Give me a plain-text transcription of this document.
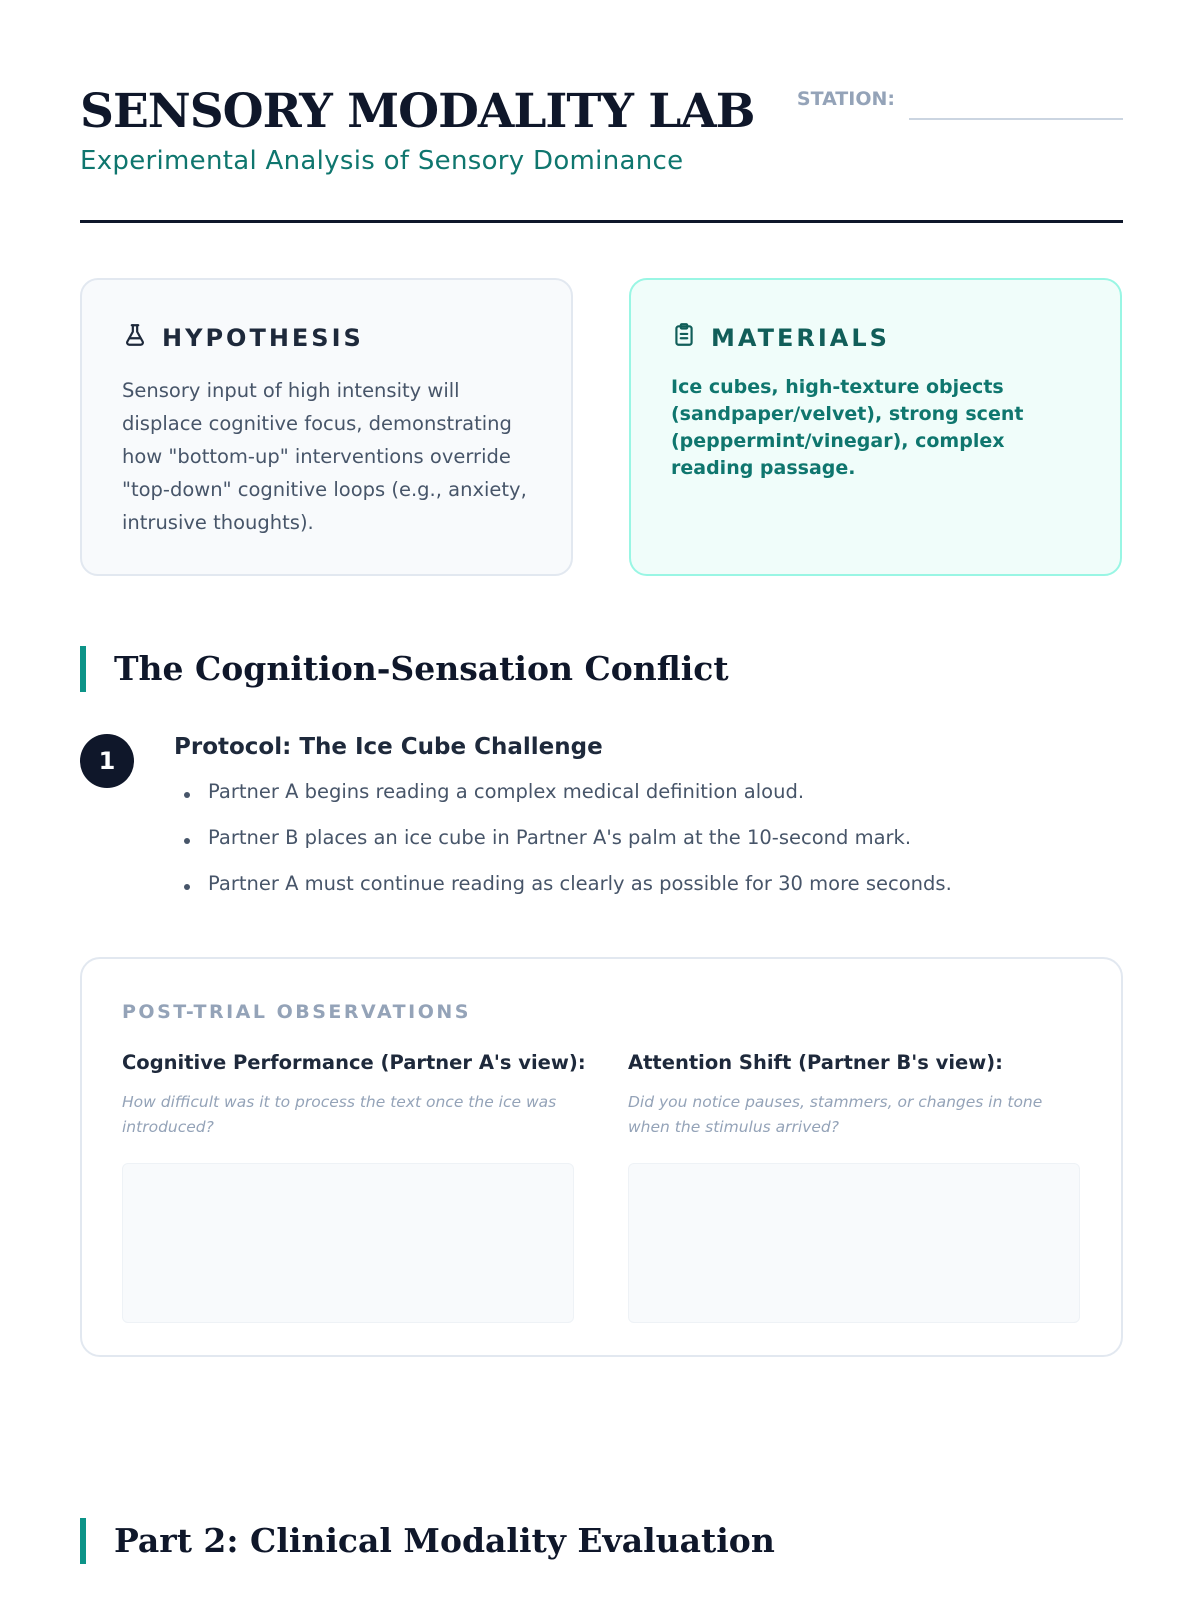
SENSORY MODALITY LAB
Experimental Analysis of Sensory Dominance
STATION:
HYPOTHESIS
Sensory input of high intensity will displace cognitive focus, demonstrating how "bottom-up" interventions override "top-down" cognitive loops (e.g., anxiety, intrusive thoughts).
MATERIALS
Ice cubes, high-texture objects (sandpaper/velvet), strong scent (peppermint/vinegar), complex reading passage.
The Cognition-Sensation Conflict
1	Protocol: The Ice Cube Challenge
Partner A begins reading a complex medical definition aloud.
Partner B places an ice cube in Partner A's palm at the 10-second mark.
Partner A must continue reading as clearly as possible for 30 more seconds.
POST-TRIAL OBSERVATIONS
Cognitive Performance (Partner A's view):
How difficult was it to process the text once the ice was introduced?
Attention Shift (Partner B's view):
Did you notice pauses, stammers, or changes in tone when the stimulus arrived?
Part 2: Clinical Modality Evaluation
